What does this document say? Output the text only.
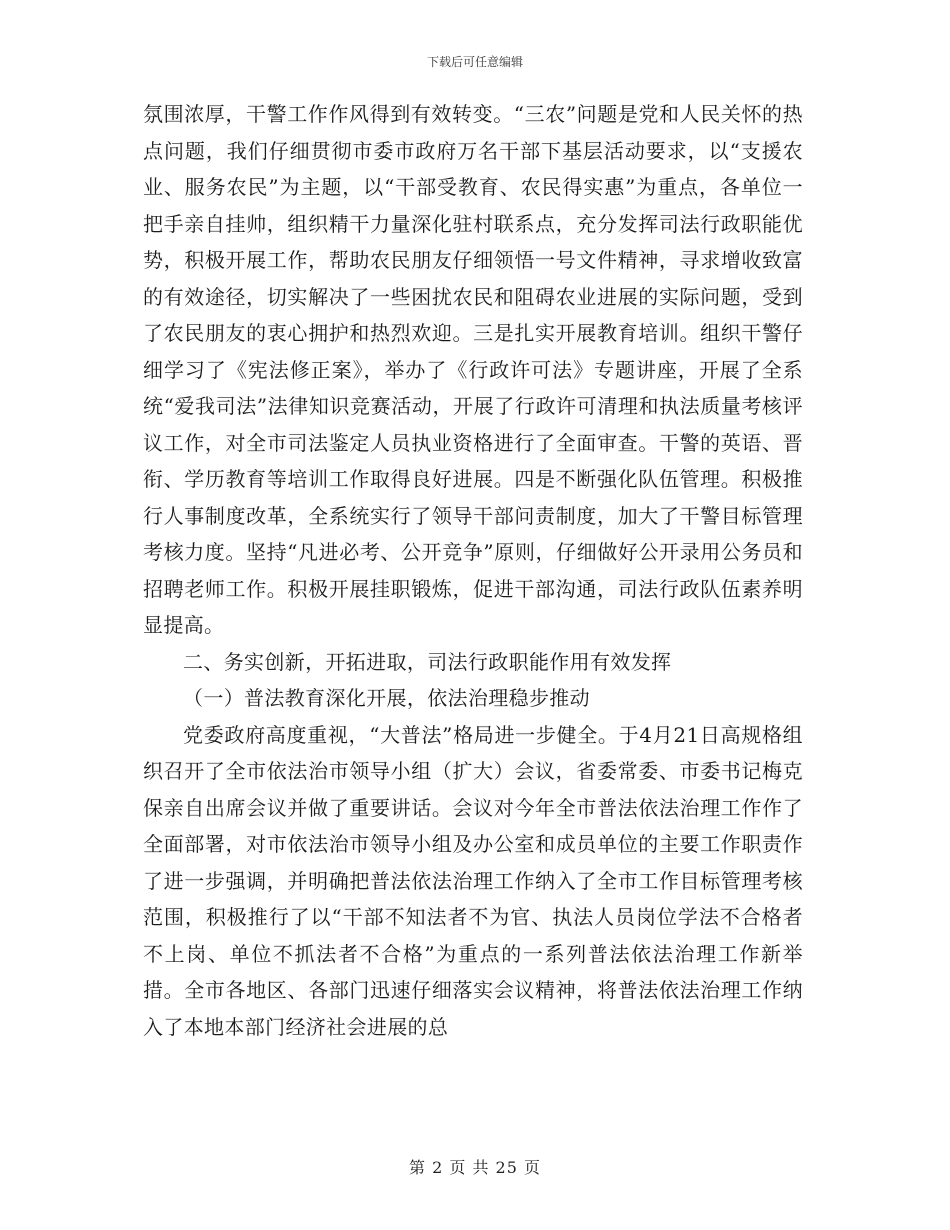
下载后可任意编辑

氛围浓厚，干警工作作风得到有效转变。“三农”问题是党和人民关怀的热点问题，我们仔细贯彻市委市政府万名干部下基层活动要求，以“支援农业、服务农民”为主题，以“干部受教育、农民得实惠”为重点，各单位一把手亲自挂帅，组织精干力量深化驻村联系点，充分发挥司法行政职能优势，积极开展工作，帮助农民朋友仔细领悟一号文件精神，寻求增收致富的有效途径，切实解决了一些困扰农民和阻碍农业进展的实际问题，受到了农民朋友的衷心拥护和热烈欢迎。三是扎实开展教育培训。组织干警仔细学习了《宪法修正案》，举办了《行政许可法》专题讲座，开展了全系统“爱我司法”法律知识竞赛活动，开展了行政许可清理和执法质量考核评议工作，对全市司法鉴定人员执业资格进行了全面审查。干警的英语、晋衔、学历教育等培训工作取得良好进展。四是不断强化队伍管理。积极推行人事制度改革，全系统实行了领导干部问责制度，加大了干警目标管理考核力度。坚持“凡进必考、公开竞争”原则，仔细做好公开录用公务员和招聘老师工作。积极开展挂职锻炼，促进干部沟通，司法行政队伍素养明显提高。

二、务实创新，开拓进取，司法行政职能作用有效发挥

（一）普法教育深化开展，依法治理稳步推动

党委政府高度重视，“大普法”格局进一步健全。于4月21日高规格组织召开了全市依法治市领导小组（扩大）会议，省委常委、市委书记梅克保亲自出席会议并做了重要讲话。会议对今年全市普法依法治理工作作了全面部署，对市依法治市领导小组及办公室和成员单位的主要工作职责作了进一步强调，并明确把普法依法治理工作纳入了全市工作目标管理考核范围，积极推行了以“干部不知法者不为官、执法人员岗位学法不合格者不上岗、单位不抓法者不合格”为重点的一系列普法依法治理工作新举措。全市各地区、各部门迅速仔细落实会议精神，将普法依法治理工作纳入了本地本部门经济社会进展的总

第 2 页 共 25 页
